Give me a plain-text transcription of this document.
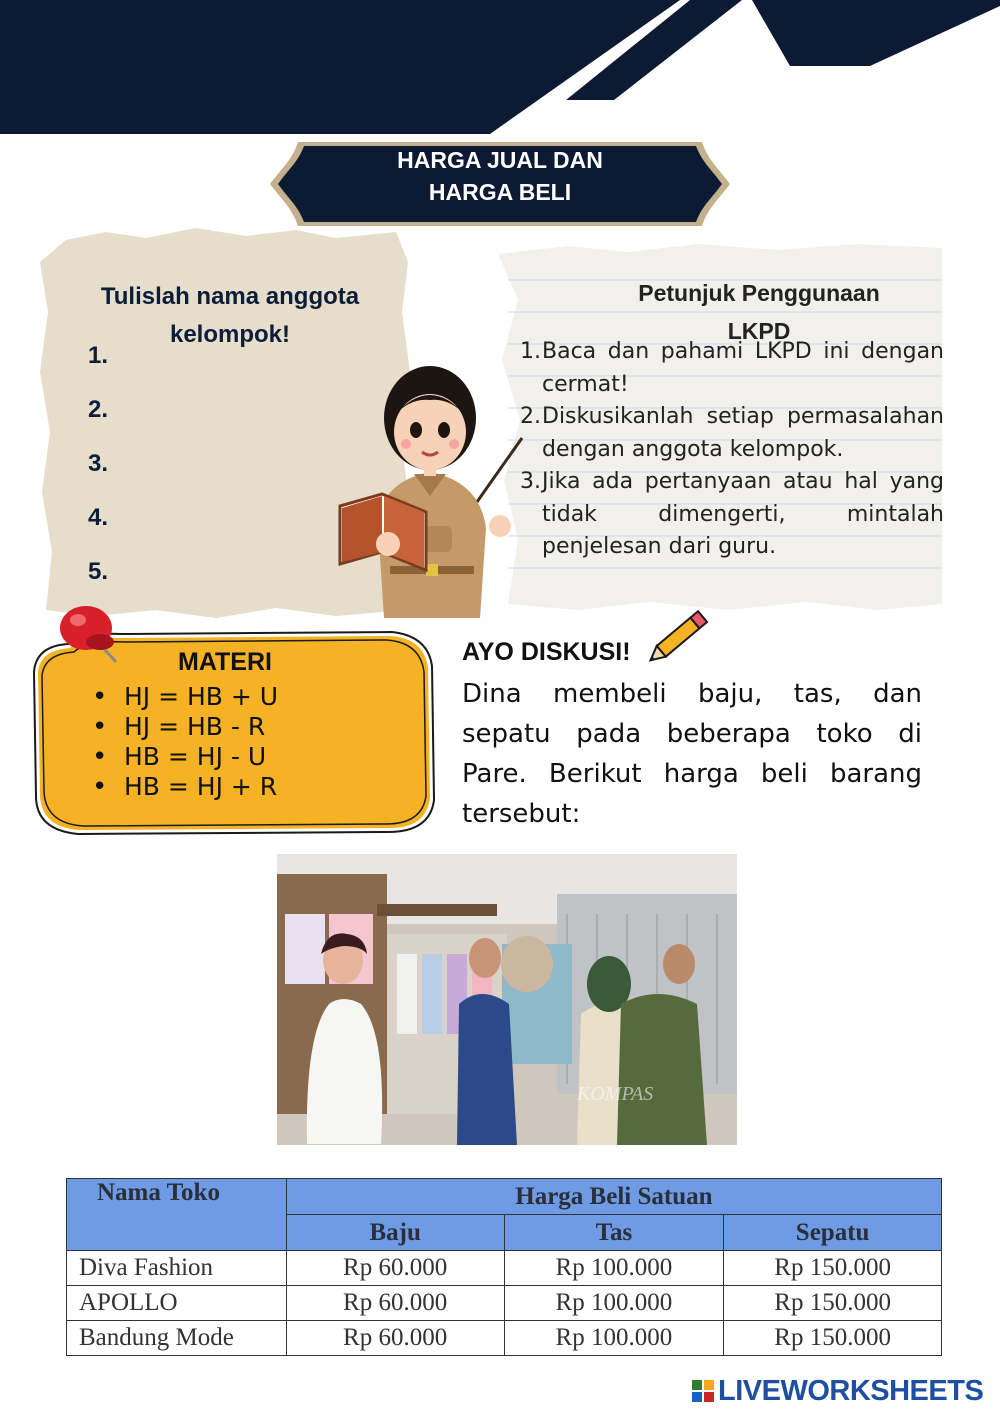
HARGA JUAL DAN
HARGA BELI
Tulislah nama anggota
kelompok!
1.
2.
3.
4.
5.
Petunjuk Penggunaan
LKPD
1. Baca dan pahami LKPD ini dengan cermat!
2. Diskusikanlah setiap permasalahan dengan anggota kelompok.
3. Jika ada pertanyaan atau hal yang tidak dimengerti, mintalah penjelesan dari guru.
MATERI
• HJ = HB + U
• HJ = HB - R
• HB = HJ - U
• HB = HJ + R
AYO DISKUSI!
Dina membeli baju, tas, dan sepatu pada beberapa toko di Pare. Berikut harga beli barang tersebut:
KOMPAS
Nama Toko	Harga Beli Satuan		
	Baju	Tas	Sepatu
Diva Fashion	Rp 60.000	Rp 100.000	Rp 150.000
APOLLO	Rp 60.000	Rp 100.000	Rp 150.000
Bandung Mode	Rp 60.000	Rp 100.000	Rp 150.000
LIVEWORKSHEETS
